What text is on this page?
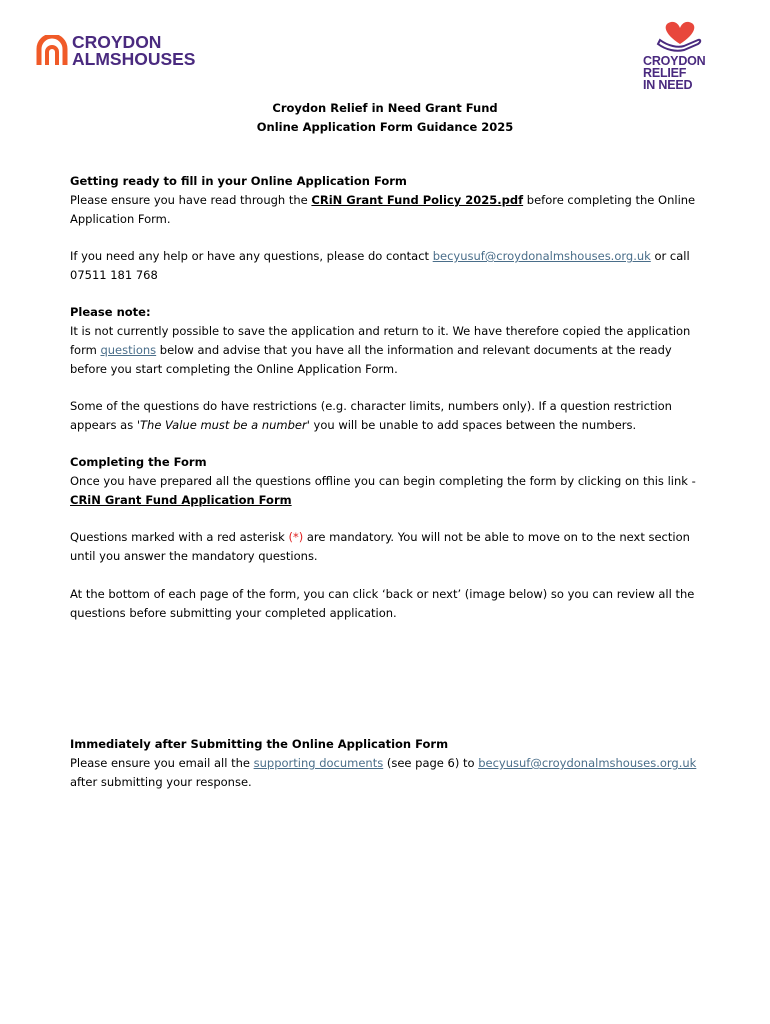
CROYDON
ALMSHOUSES	CROYDON
RELIEF
IN NEED
Croydon Relief in Need Grant Fund
Online Application Form Guidance 2025
Getting ready to fill in your Online Application Form
Please ensure you have read through the CRiN Grant Fund Policy 2025.pdf before completing the Online Application Form.
If you need any help or have any questions, please do contact becyusuf@croydonalmshouses.org.uk or call 07511 181 768
Please note:
It is not currently possible to save the application and return to it. We have therefore copied the application form questions below and advise that you have all the information and relevant documents at the ready before you start completing the Online Application Form.
Some of the questions do have restrictions (e.g. character limits, numbers only). If a question restriction appears as 'The Value must be a number' you will be unable to add spaces between the numbers.
Completing the Form
Once you have prepared all the questions offline you can begin completing the form by clicking on this link - CRiN Grant Fund Application Form
Questions marked with a red asterisk (*) are mandatory. You will not be able to move on to the next section until you answer the mandatory questions.
At the bottom of each page of the form, you can click ‘back or next’ (image below) so you can review all the questions before submitting your completed application.
Immediately after Submitting the Online Application Form
Please ensure you email all the supporting documents (see page 6) to becyusuf@croydonalmshouses.org.uk after submitting your response.
